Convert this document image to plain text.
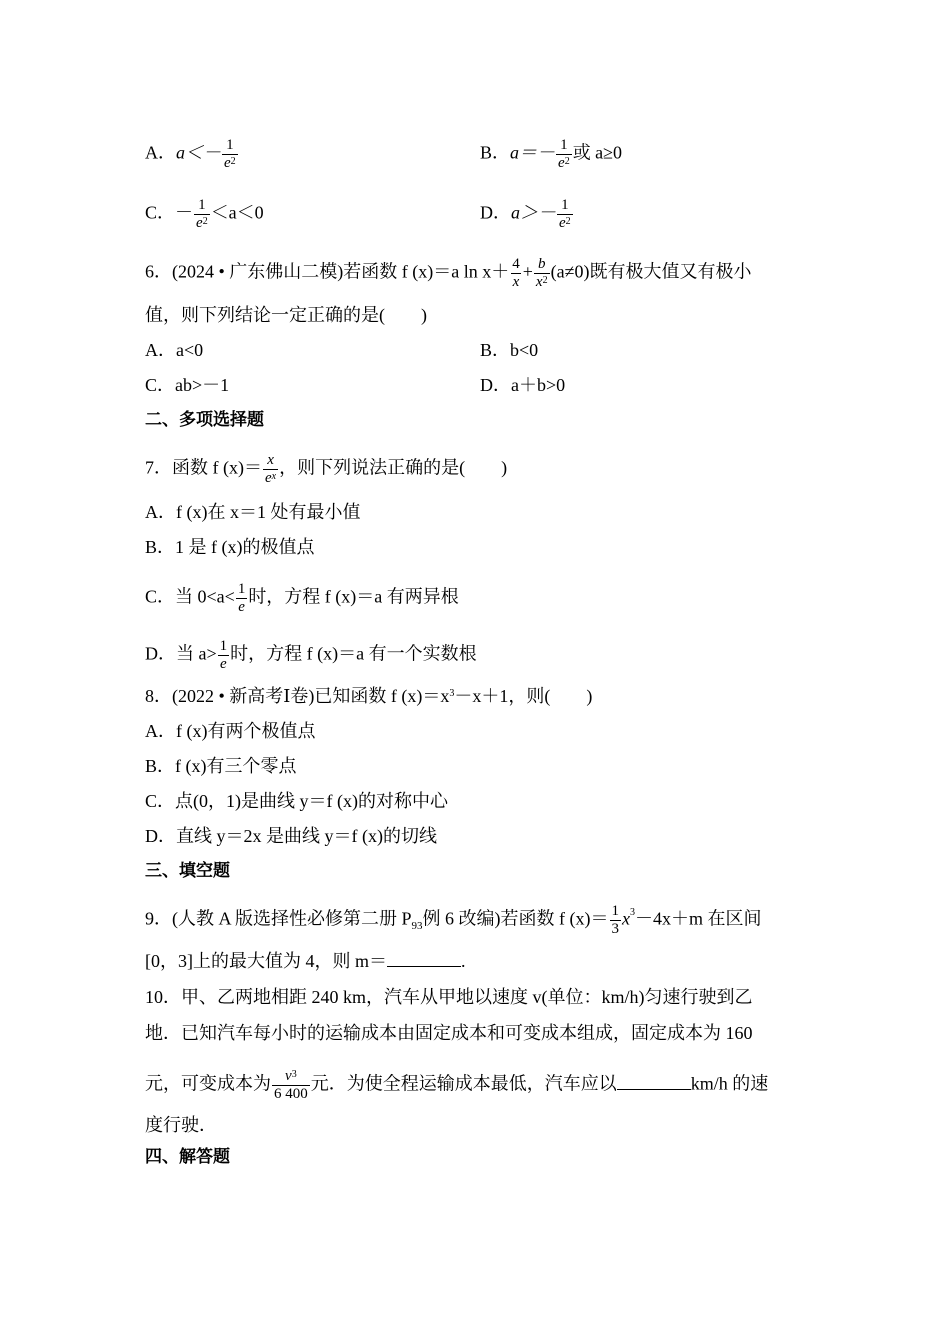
A．$a<- \frac{1}{e^2}$	B．$a=- \frac{1}{e^2}$ 或 a≥0
C．－ $\frac{1}{e^2} <a<0$	D．$a>- \frac{1}{e^2}$
6．(2024 • 广东佛山二模)若函数 f (x)＝a $\ln x+ \frac{4}{x} + \frac{b}{x^2} (a\ne 0)$既有极大值又有极小
值，则下列结论一定正确的是(　　)
A．a<0	B．b<0
C．ab>－1	D．a＋b>0
二、多项选择题
7．函数 f $(x)= \frac{x}{e^x}$ ，则下列说法正确的是(　　)
A．f (x)在 x＝1 处有最小值
B．1 是 f (x)的极值点
C．当 $0<a< \frac{1}{e}$ 时，方程 f (x)＝a 有两异根
D．当 $a> \frac{1}{e}$ 时，方程 f (x)＝a 有一个实数根
8．(2022 • 新高考Ⅰ卷)已知函数 f $(x)=x^3-x+1$，则(　　)
A．f (x)有两个极值点
B．f (x)有三个零点
C．点(0，1)是曲线 y＝f (x)的对称中心
D．直线 y＝2x 是曲线 y＝f (x)的切线
三、填空题
9．(人教 A 版选择性必修第二册 $P_{93}$例 6 改编)若函数 f $(x)= \frac{1}{3} x^3-4x+m$ 在区间
[0，3]上的最大值为 4，则 m＝	.
10．甲、乙两地相距 240 km，汽车从甲地以速度 v(单位：km/h)匀速行驶到乙
地．已知汽车每小时的运输成本由固定成本和可变成本组成，固定成本为 160
元，可变成本为 $\frac{v^3}{6 400}$ 元．为使全程运输成本最低，汽车应以	km/h 的速
度行驶．
四、解答题
